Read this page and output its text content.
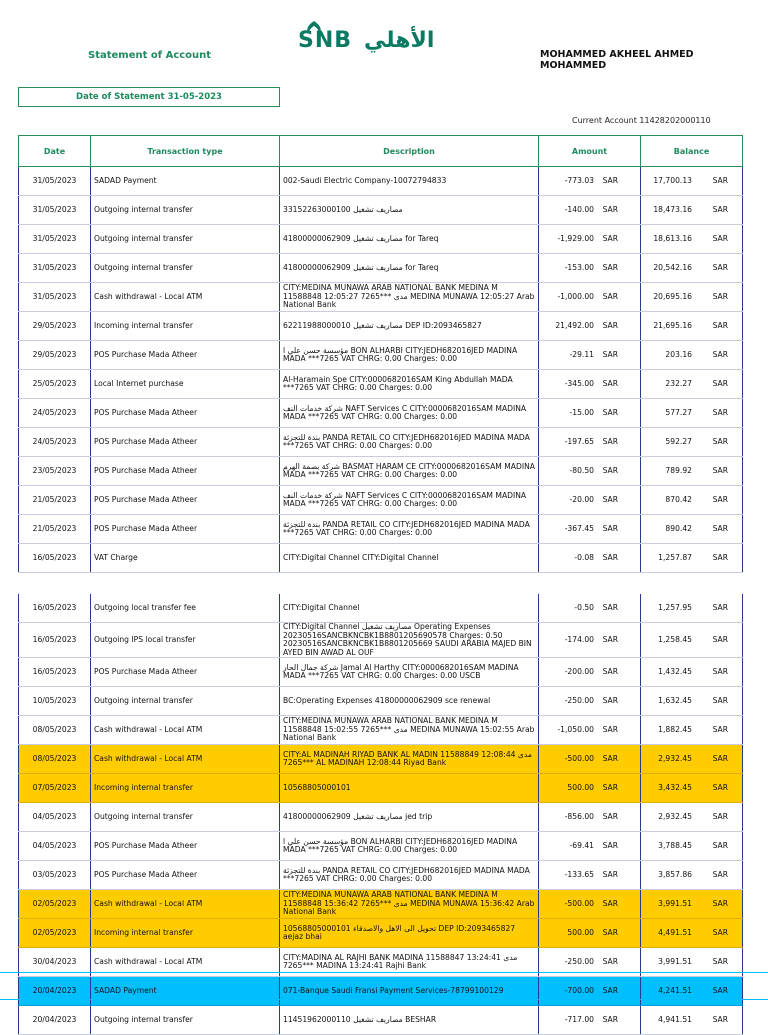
SNB الأهلي
Statement of Account	MOHAMMED AKHEEL AHMED MOHAMMED
Date of Statement 31-05-2023
Current Account 11428202000110
Date	Transaction type	Description	Amount	Balance
31/05/2023	SADAD Payment	002-Saudi Electric Company-10072794833	-773.03 SAR	17,700.13 SAR
31/05/2023	Outgoing internal transfer	33152263000100 مصاريف تشغيل	-140.00 SAR	18,473.16 SAR
31/05/2023	Outgoing internal transfer	41800000062909 مصاريف تشغيل for Tareq	-1,929.00 SAR	18,613.16 SAR
31/05/2023	Outgoing internal transfer	41800000062909 مصاريف تشغيل for Tareq	-153.00 SAR	20,542.16 SAR
31/05/2023	Cash withdrawal - Local ATM	CITY:MEDINA MUNAWA ARAB NATIONAL BANK MEDINA M 11588848 12:05:27 7265*** مدى MEDINA MUNAWA 12:05:27 Arab National Bank	-1,000.00 SAR	20,695.16 SAR
29/05/2023	Incoming internal transfer	62211988000010 مصاريف تشغيل DEP ID:2093465827	21,492.00 SAR	21,695.16 SAR
29/05/2023	POS Purchase Mada Atheer	مؤسسة حسن علي ا BON ALHARBI CITY:JEDH682016JED MADINA MADA ***7265 VAT CHRG: 0.00 Charges: 0.00	-29.11 SAR	203.16 SAR
25/05/2023	Local Internet purchase	Al-Haramain Spe CITY:0000682016SAM King Abdullah MADA ***7265 VAT CHRG: 0.00 Charges: 0.00	-345.00 SAR	232.27 SAR
24/05/2023	POS Purchase Mada Atheer	شركة خدمات النف NAFT Services C CITY:0000682016SAM MADINA MADA ***7265 VAT CHRG: 0.00 Charges: 0.00	-15.00 SAR	577.27 SAR
24/05/2023	POS Purchase Mada Atheer	بندة للتجزئة PANDA RETAIL CO CITY:JEDH682016JED MADINA MADA ***7265 VAT CHRG: 0.00 Charges: 0.00	-197.65 SAR	592.27 SAR
23/05/2023	POS Purchase Mada Atheer	شركة بصمة الهرم BASMAT HARAM CE CITY:0000682016SAM MADINA MADA ***7265 VAT CHRG: 0.00 Charges: 0.00	-80.50 SAR	789.92 SAR
21/05/2023	POS Purchase Mada Atheer	شركة خدمات النف NAFT Services C CITY:0000682016SAM MADINA MADA ***7265 VAT CHRG: 0.00 Charges: 0.00	-20.00 SAR	870.42 SAR
21/05/2023	POS Purchase Mada Atheer	بندة للتجزئة PANDA RETAIL CO CITY:JEDH682016JED MADINA MADA ***7265 VAT CHRG: 0.00 Charges: 0.00	-367.45 SAR	890.42 SAR
16/05/2023	VAT Charge	CITY:Digital Channel CITY:Digital Channel	-0.08 SAR	1,257.87 SAR
16/05/2023	Outgoing local transfer fee	CITY:Digital Channel	-0.50 SAR	1,257.95 SAR
16/05/2023	Outgoing IPS local transfer	CITY:Digital Channel مصاريف تشغيل Operating Expenses 20230516SANCBKNCBK1B8801205690578 Charges: 0.50 20230516SANCBKNCBK1B8801205669 SAUDI ARABIA MAJED BIN AYED BIN AWAD AL OUF	-174.00 SAR	1,258.45 SAR
16/05/2023	POS Purchase Mada Atheer	شركة جمال الحار Jamal Al Harthy CITY:0000682016SAM MADINA MADA ***7265 VAT CHRG: 0.00 Charges: 0.00 USCB	-200.00 SAR	1,432.45 SAR
10/05/2023	Outgoing internal transfer	BC:Operating Expenses 41800000062909 sce renewal	-250.00 SAR	1,632.45 SAR
08/05/2023	Cash withdrawal - Local ATM	CITY:MEDINA MUNAWA ARAB NATIONAL BANK MEDINA M 11588848 15:02:55 7265*** مدى MEDINA MUNAWA 15:02:55 Arab National Bank	-1,050.00 SAR	1,882.45 SAR
08/05/2023	Cash withdrawal - Local ATM	CITY:AL MADINAH RIYAD BANK AL MADIN 11588849 مدى 12:08:44 7265*** AL MADINAH 12:08:44 Riyad Bank	-500.00 SAR	2,932.45 SAR
07/05/2023	Incoming internal transfer	10568805000101	500.00 SAR	3,432.45 SAR
04/05/2023	Outgoing internal transfer	41800000062909 مصاريف تشغيل jed trip	-856.00 SAR	2,932.45 SAR
04/05/2023	POS Purchase Mada Atheer	مؤسسة حسن علي ا BON ALHARBI CITY:JEDH682016JED MADINA MADA ***7265 VAT CHRG: 0.00 Charges: 0.00	-69.41 SAR	3,788.45 SAR
03/05/2023	POS Purchase Mada Atheer	بندة للتجزئة PANDA RETAIL CO CITY:JEDH682016JED MADINA MADA ***7265 VAT CHRG: 0.00 Charges: 0.00	-133.65 SAR	3,857.86 SAR
02/05/2023	Cash withdrawal - Local ATM	CITY:MEDINA MUNAWA ARAB NATIONAL BANK MEDINA M 11588848 15:36:42 7265*** مدى MEDINA MUNAWA 15:36:42 Arab National Bank	-500.00 SAR	3,991.51 SAR
02/05/2023	Incoming internal transfer	10568805000101 تحويل الى الاهل والاصدقاء DEP ID:2093465827 aejaz bhai	500.00 SAR	4,491.51 SAR
30/04/2023	Cash withdrawal - Local ATM	CITY:MADINA AL RAJHI BANK MADINA 11588847 مدى 13:24:41 7265*** MADINA 13:24:41 Rajhi Bank	-250.00 SAR	3,991.51 SAR
20/04/2023	SADAD Payment	071-Banque Saudi Fransi Payment Services-78799100129	-700.00 SAR	4,241.51 SAR
20/04/2023	Outgoing internal transfer	11451962000110 مصاريف تشغيل BESHAR	-717.00 SAR	4,941.51 SAR
